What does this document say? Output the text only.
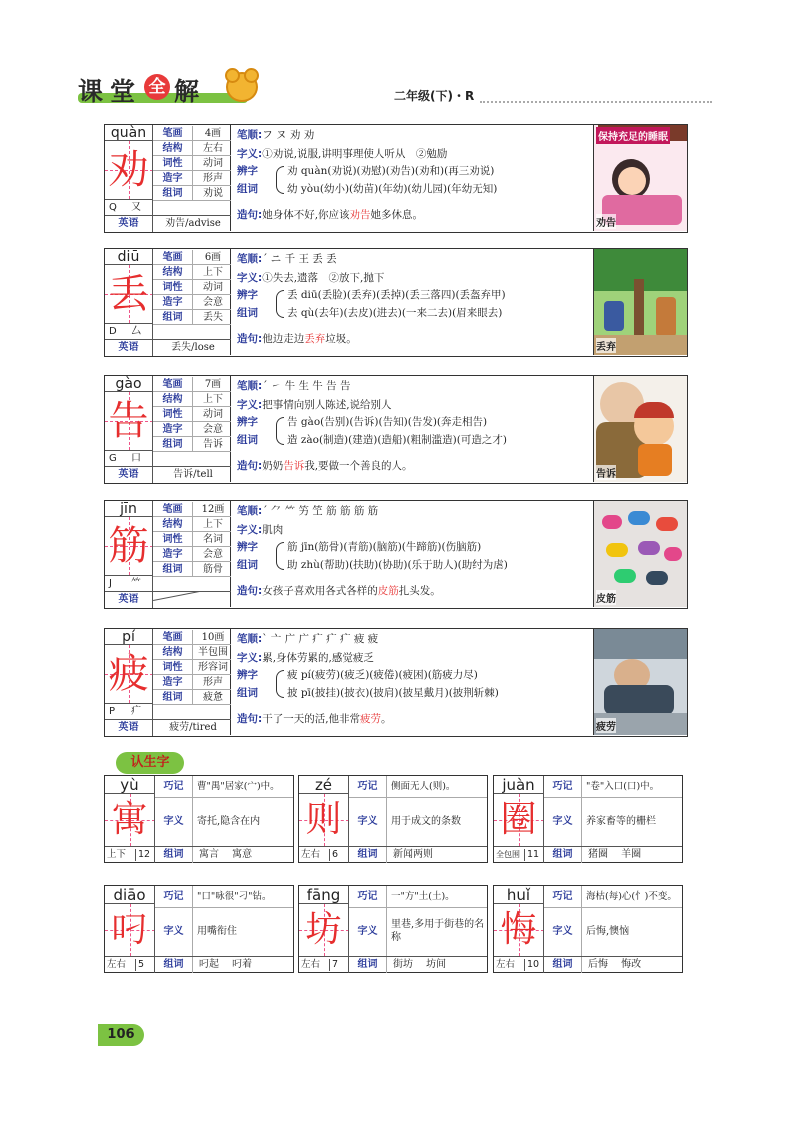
课 堂 全 解	二年级(下)・R
quàn
劝
Q 又
笔画	4画
结构	左右
词性	动词
造字	形声
组词	劝说
英语	劝告/advise
笔顺:フ ヌ 劝 劝
字义:①劝说,说服,讲明事理使人听从　②勉励
辨字
组词
劝 quàn(劝说)(劝慰)(劝告)(劝和)(再三劝说)
幼 yòu(幼小)(幼苗)(年幼)(幼儿园)(年幼无知)
造句:她身体不好,你应该劝告她多休息。
保持充足的睡眠
劝告
diū
丢
D 厶
笔画	6画
结构	上下
词性	动词
造字	会意
组词	丢失
英语	丢失/lose
笔顺:ˊ ニ 千 王 丢 丢
字义:①失去,遗落　②放下,抛下
辨字
组词
丢 diū(丢脸)(丢弃)(丢掉)(丢三落四)(丢盔弃甲)
去 qù(去年)(去皮)(进去)(一来二去)(眉来眼去)
造句:他边走边丢弃垃圾。
丢弃
gào
告
G 口
笔画	7画
结构	上下
词性	动词
造字	会意
组词	告诉
英语	告诉/tell
笔顺:ˊ ㇀ 牛 生 牛 告 告
字义:把事情向别人陈述,说给别人
辨字
组词
告 gào(告别)(告诉)(告知)(告发)(奔走相告)
造 zào(制造)(建造)(造船)(粗制滥造)(可造之才)
造句:奶奶告诉我,要做一个善良的人。
告诉
jīn
筋
J ⺮
笔画	12画
结构	上下
词性	名词
造字	会意
组词	筋骨
英语
笔顺:ˊ ⺈ ⺮ 竻 笁 筋 筋 筋 筋
字义:肌肉
辨字
组词
筋 jīn(筋骨)(青筋)(脑筋)(牛蹄筋)(伤脑筋)
助 zhù(帮助)(扶助)(协助)(乐于助人)(助纣为虐)
造句:女孩子喜欢用各式各样的皮筋扎头发。
皮筋
pí
疲
P 疒
笔画	10画
结构	半包围
词性	形容词
造字	形声
组词	疲惫
英语	疲劳/tired
笔顺:ˋ 亠 广 广 疒 疒 疒 疲 疲
字义:累,身体劳累的,感觉疲乏
辨字
组词
疲 pí(疲劳)(疲乏)(疲倦)(疲困)(筋疲力尽)
披 pī(披挂)(披衣)(披肩)(披星戴月)(披荆斩棘)
造句:干了一天的活,他非常疲劳。
疲劳
认生字
yù
寓
巧记	曹"禺"居家(宀)中。
字义	寄托,隐含在内
上下 12	组词	寓言 寓意
zé
则
巧记	侧面无人(则)。
字义	用于成文的条数
左右 6	组词	新闻两则
juàn
圈
巧记	"卷"入口(口)中。
字义	养家畜等的栅栏
全包围 11	组词	猪圈 羊圈
diāo
叼
巧记	"口"咏很"刁"钻。
字义	用嘴衔住
左右 5	组词	叼起 叼着
fāng
坊
巧记	一"方"土(土)。
字义
里巷,多用于街巷的名称
左右 7	组词	街坊 坊间
huǐ
悔
巧记	海枯(每)心(忄)不变。
字义	后悔,懊恼
左右 10	组词	后悔 悔改
106
